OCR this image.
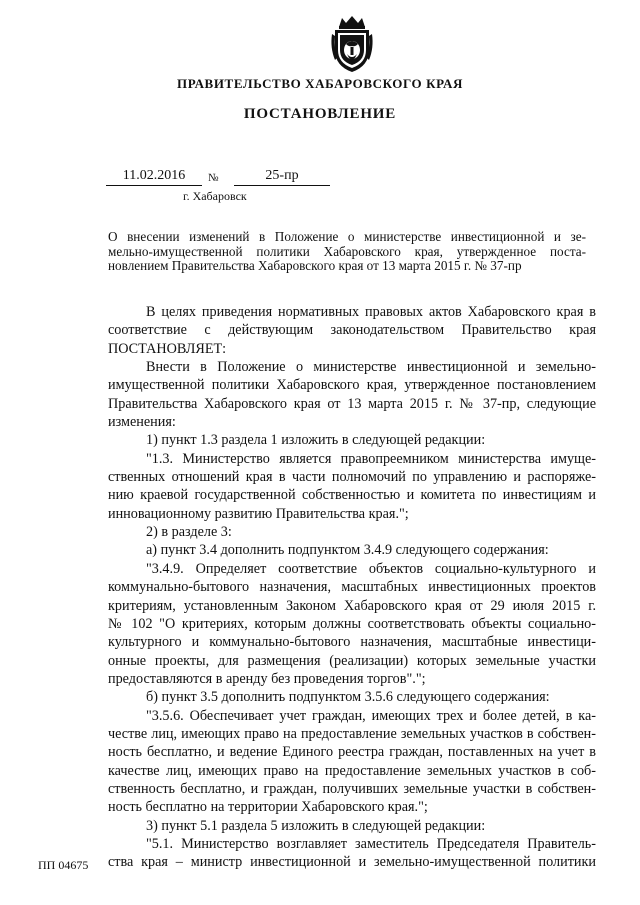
ПРАВИТЕЛЬСТВО ХАБАРОВСКОГО КРАЯ
ПОСТАНОВЛЕНИЕ
11.02.2016	№	25-пр
г. Хабаровск
О внесении изменений в Положение о министерстве инвестиционной и зе-
мельно-имущественной политики Хабаровского края, утвержденное поста-
новлением Правительства Хабаровского края от 13 марта 2015 г. № 37-пр
В целях приведения нормативных правовых актов Хабаровского края в
соответствие с действующим законодательством Правительство края
ПОСТАНОВЛЯЕТ:
Внести в Положение о министерстве инвестиционной и земельно-
имущественной политики Хабаровского края, утвержденное постановлением
Правительства Хабаровского края от 13 марта 2015 г. № 37-пр, следующие
изменения:
1) пункт 1.3 раздела 1 изложить в следующей редакции:
"1.3. Министерство является правопреемником министерства имуще-
ственных отношений края в части полномочий по управлению и распоряже-
нию краевой государственной собственностью и комитета по инвестициям и
инновационному развитию Правительства края.";
2) в разделе 3:
а) пункт 3.4 дополнить подпунктом 3.4.9 следующего содержания:
"3.4.9. Определяет соответствие объектов социально-культурного и
коммунально-бытового назначения, масштабных инвестиционных проектов
критериям, установленным Законом Хабаровского края от 29 июля 2015 г.
№ 102 "О критериях, которым должны соответствовать объекты социально-
культурного и коммунально-бытового назначения, масштабные инвестици-
онные проекты, для размещения (реализации) которых земельные участки
предоставляются в аренду без проведения торгов".";
б) пункт 3.5 дополнить подпунктом 3.5.6 следующего содержания:
"3.5.6. Обеспечивает учет граждан, имеющих трех и более детей, в ка-
честве лиц, имеющих право на предоставление земельных участков в собствен-
ность бесплатно, и ведение Единого реестра граждан, поставленных на учет в
качестве лиц, имеющих право на предоставление земельных участков в соб-
ственность бесплатно, и граждан, получивших земельные участки в собствен-
ность бесплатно на территории Хабаровского края.";
3) пункт 5.1 раздела 5 изложить в следующей редакции:
"5.1. Министерство возглавляет заместитель Председателя Правитель-
ства края – министр инвестиционной и земельно-имущественной политики
ПП 04675
